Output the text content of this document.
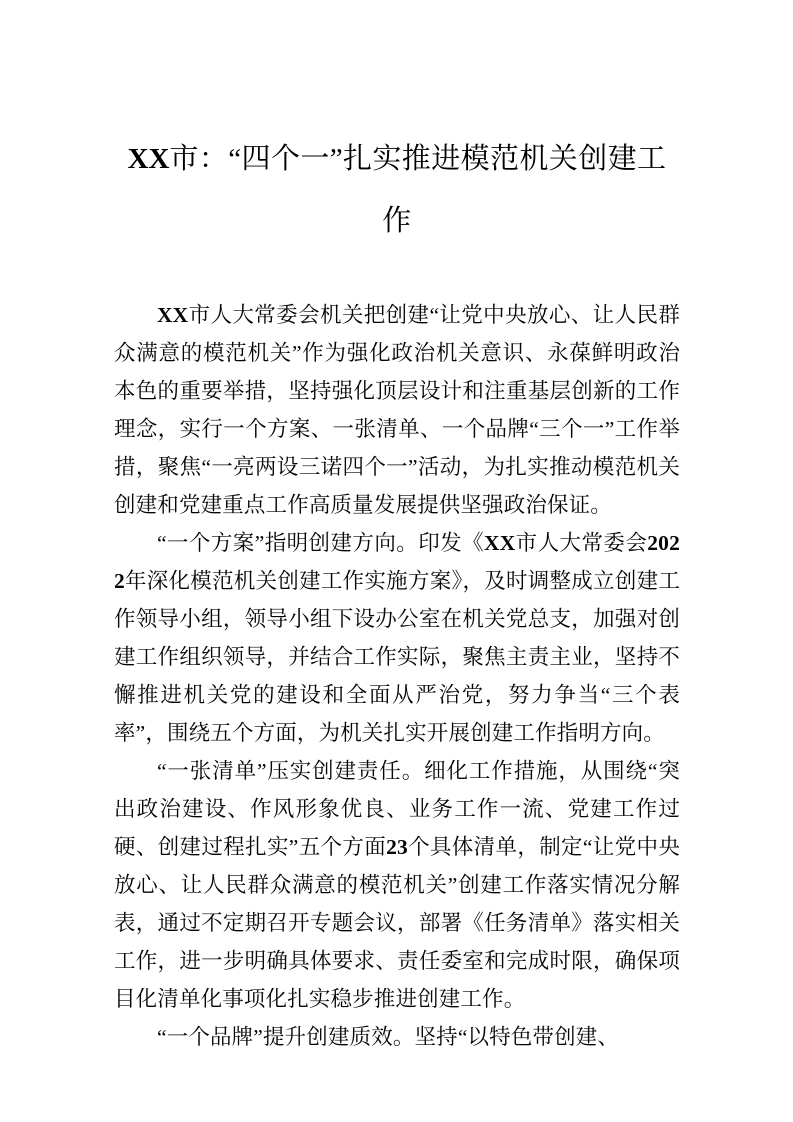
XX市：“四个一”扎实推进模范机关创建工作

XX市人大常委会机关把创建“让党中央放心、让人民群众满意的模范机关”作为强化政治机关意识、永葆鲜明政治本色的重要举措，坚持强化顶层设计和注重基层创新的工作理念，实行一个方案、一张清单、一个品牌“三个一”工作举措，聚焦“一亮两设三诺四个一”活动，为扎实推动模范机关创建和党建重点工作高质量发展提供坚强政治保证。

“一个方案”指明创建方向。印发《XX市人大常委会2022年深化模范机关创建工作实施方案》，及时调整成立创建工作领导小组，领导小组下设办公室在机关党总支，加强对创建工作组织领导，并结合工作实际，聚焦主责主业，坚持不懈推进机关党的建设和全面从严治党，努力争当“三个表率”，围绕五个方面，为机关扎实开展创建工作指明方向。

“一张清单”压实创建责任。细化工作措施，从围绕“突出政治建设、作风形象优良、业务工作一流、党建工作过硬、创建过程扎实”五个方面23个具体清单，制定“让党中央放心、让人民群众满意的模范机关”创建工作落实情况分解表，通过不定期召开专题会议，部署《任务清单》落实相关工作，进一步明确具体要求、责任委室和完成时限，确保项目化清单化事项化扎实稳步推进创建工作。

“一个品牌”提升创建质效。坚持“以特色带创建、
